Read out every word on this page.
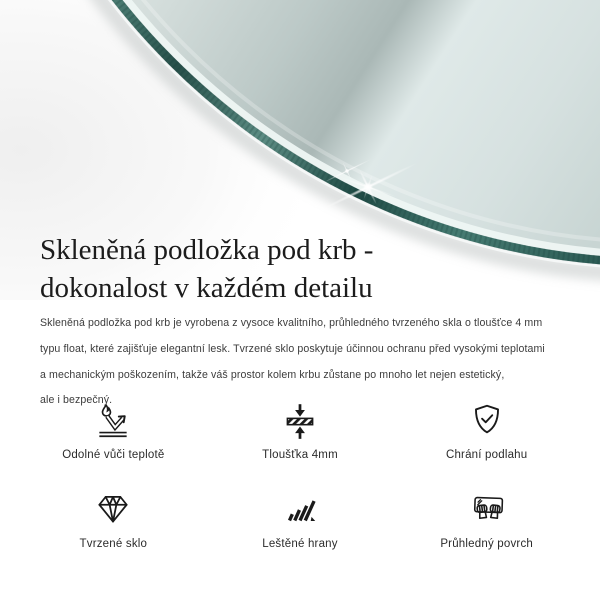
Skleněná podložka pod krb -
dokonalost v každém detailu
Skleněná podložka pod krb je vyrobena z vysoce kvalitního, průhledného tvrzeného skla o tloušťce 4 mm
typu float, které zajišťuje elegantní lesk. Tvrzené sklo poskytuje účinnou ochranu před vysokými teplotami
a mechanickým poškozením, takže váš prostor kolem krbu zůstane po mnoho let nejen estetický,
ale i bezpečný.
Odolné vůči teplotě	Tloušťka 4mm	Chrání podlahu
Tvrzené sklo	Leštěné hrany	Průhledný povrch
